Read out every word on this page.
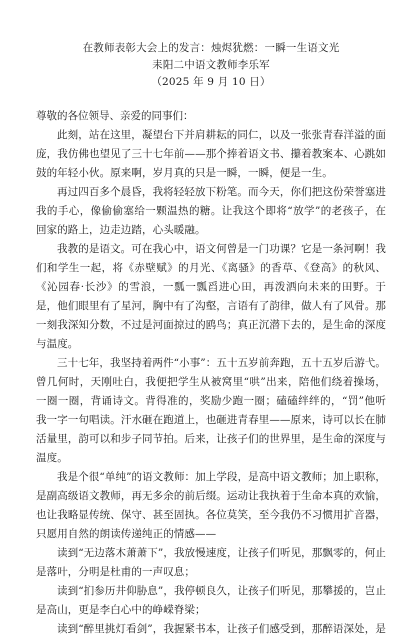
在教师表彰大会上的发言：烛烬犹燃：一瞬一生语文光
耒阳二中语文教师李乐军
（2025 年 9 月 10 日）

尊敬的各位领导、亲爱的同事们：

此刻，站在这里，凝望台下并肩耕耘的同仁，以及一张张青春洋溢的面庞，我仿佛也望见了三十七年前——那个捧着语文书、攥着教案本、心跳如鼓的年轻小伙。原来啊，岁月真的只是一瞬，一瞬，便是一生。

再过四百多个晨昏，我将轻轻放下粉笔。而今天，你们把这份荣誉塞进我的手心，像偷偷塞给一颗温热的糖。让我这个即将“放学”的老孩子，在回家的路上，边走边踏，心头暖融。

我教的是语文。可在我心中，语文何曾是一门功课？它是一条河啊！我们和学生一起，将《赤壁赋》的月光、《离骚》的香草、《登高》的秋风、《沁园春·长沙》的雪浪，一瓢一瓢舀进心田，再泼洒向未来的田野。于是，他们眼里有了星河，胸中有了沟壑，言语有了韵律，做人有了风骨。那一刻我深知分数，不过是河面掠过的鸥鸟；真正沉潜下去的，是生命的深度与温度。

三十七年，我坚持着两件“小事”：五十五岁前奔跑，五十五岁后游弋。曾几何时，天刚吐白，我便把学生从被窝里“哄”出来，陪他们绕着操场，一圈一圈，背诵诗文。背得准的，奖励少跑一圈；磕磕绊绊的，“罚”他听我一字一句唱读。汗水砸在跑道上，也砸进青春里——原来，诗可以长在肺活量里，韵可以和步子同节拍。后来，让孩子们的世界里，是生命的深度与温度。

我是个很“单纯”的语文教师：加上学段，是高中语文教师；加上职称，是副高级语文教师，再无多余的前后缀。运动让我执着于生命本真的欢愉，也让我略显传统、保守、甚至固执。各位莫笑，至今我仍不习惯用扩音器，只愿用自然的朗读传递纯正的情感——

读到“无边落木萧萧下”，我放慢速度，让孩子们听见，那飘零的，何止是落叶，分明是杜甫的一声叹息；

读到“扪参历井仰胁息”，我停顿良久，让孩子们听见，那攀援的，岂止是高山，更是李白心中的峥嵘脊梁；

读到“醉里挑灯看剑”，我握紧书本，让孩子们感受到，那醉语深处，是
